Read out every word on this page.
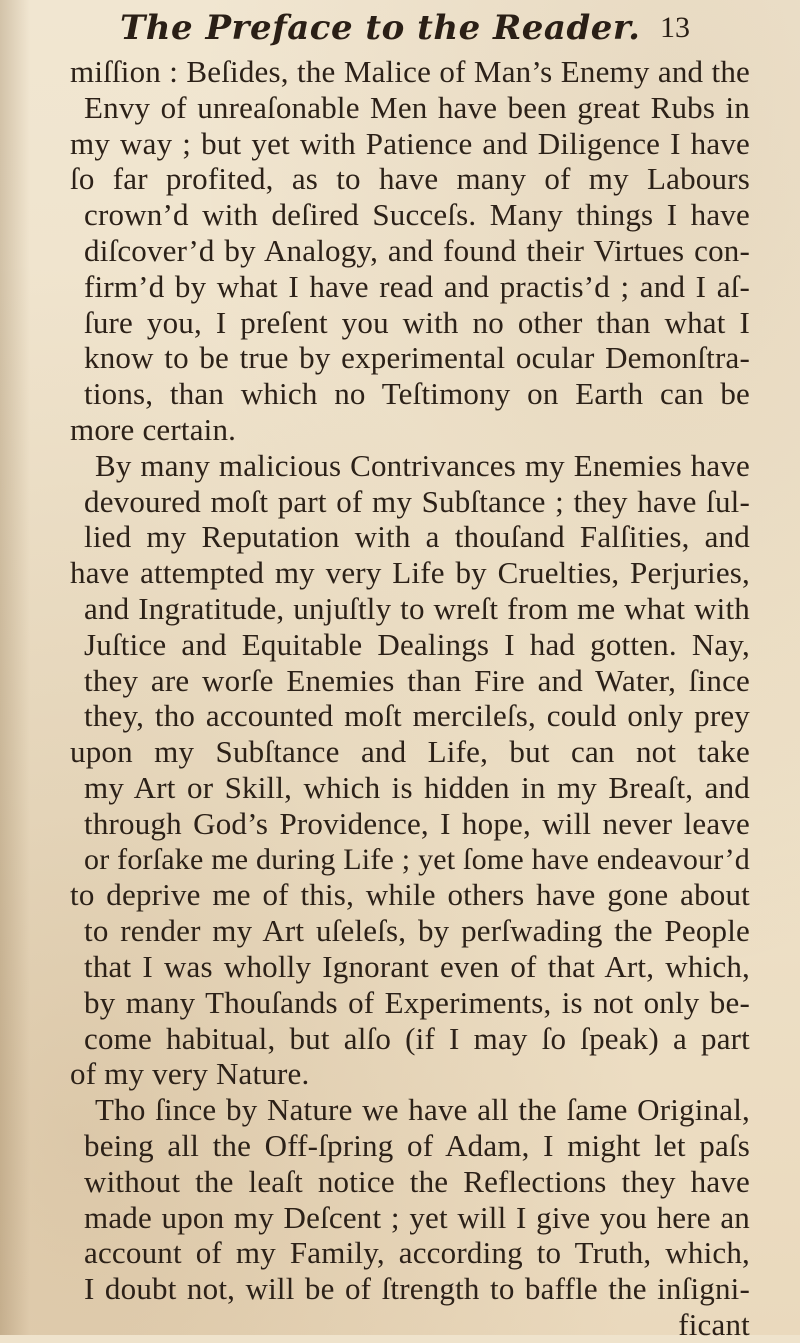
The Preface to the Reader. 13
miſſion : Beſides, the Malice of Man’s Enemy and the
Envy of unreaſonable Men have been great Rubs in
my way ; but yet with Patience and Diligence I have
ſo far profited, as to have many of my Labours
crown’d with deſired Succeſs. Many things I have
diſcover’d by Analogy, and found their Virtues con-
firm’d by what I have read and practis’d ; and I aſ-
ſure you, I preſent you with no other than what I
know to be true by experimental ocular Demonſtra-
tions, than which no Teſtimony on Earth can be
more certain.
By many malicious Contrivances my Enemies have
devoured moſt part of my Subſtance ; they have ſul-
lied my Reputation with a thouſand Falſities, and
have attempted my very Life by Cruelties, Perjuries,
and Ingratitude, unjuſtly to wreſt from me what with
Juſtice and Equitable Dealings I had gotten. Nay,
they are worſe Enemies than Fire and Water, ſince
they, tho accounted moſt mercileſs, could only prey
upon my Subſtance and Life, but can not take
my Art or Skill, which is hidden in my Breaſt, and
through God’s Providence, I hope, will never leave
or forſake me during Life ; yet ſome have endeavour’d
to deprive me of this, while others have gone about
to render my Art uſeleſs, by perſwading the People
that I was wholly Ignorant even of that Art, which,
by many Thouſands of Experiments, is not only be-
come habitual, but alſo (if I may ſo ſpeak) a part
of my very Nature.
Tho ſince by Nature we have all the ſame Original,
being all the Off-ſpring of Adam, I might let paſs
without the leaſt notice the Reflections they have
made upon my Deſcent ; yet will I give you here an
account of my Family, according to Truth, which,
I doubt not, will be of ſtrength to baffle the inſigni-
ficant
